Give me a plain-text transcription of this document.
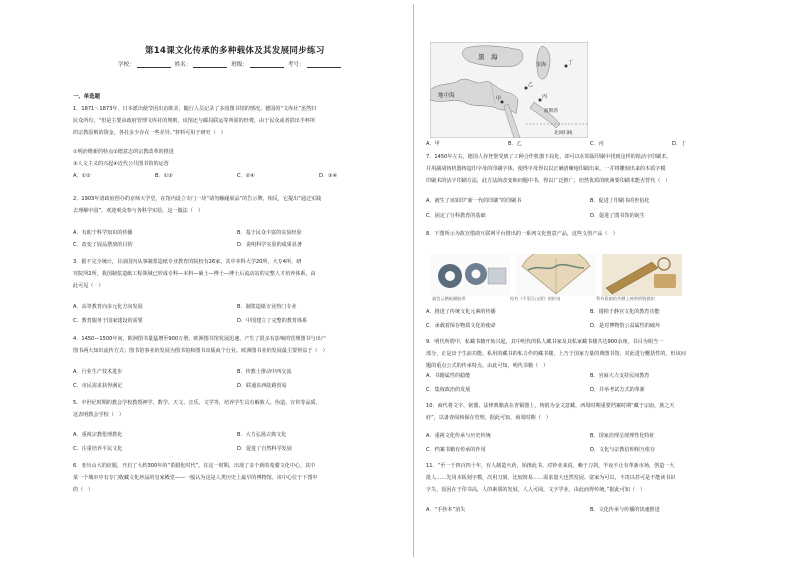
第14课文化传承的多种载体及其发展同步练习
学校：	姓名：	班级：	考号：
一、单选题
1．1871～1873年，日本派出使节团出访欧美，随行人员记录了多国图书馆的情况。德国的“文库社”虽然归
民众所有，“但是主要由政府管理文库社的规则，该馆还与邮局联运等所需的经费，由于民众或者捐出手杯所
的宗教原则的资金，各社多少存在一些差异。”材料可用于研究（　）
①明治维新的特点②德意志的宗教改革的推进
③人文主义的兴起④近代公共图书馆的运营
A．①②	B．①③	C．②④	D．③④
2．1903年清政府创办的京师大学堂，在馆内设立专门一块“请勿触碰展品”的告示牌，相反，它提出“通过实践
去理解中国”，欢迎观众参与各科学实验。这一做法（　）
A．有助于科学知识的传播	B．基于民众丰富的实验经验
C．改变了展品摆放的目的	D．说明科学实验的成果显著
3．据不完全统计，目前国内从事制浆造纸专业教育的院校有26家，其中本科大学20所、大专4所、研
究院所2所，我国制浆造纸工程领域已形成专科—本科—硕士—博士—博士后流动站的完整人才培养体系。由
此可见（　）
A．高等教育向多元化方向发展	B．制浆造纸专业热门专业
C．教育服务于国家建设的需要	D．中国建立了完整的教育体系
4．1450—1500年间，欧洲图书量猛增至900万册，欧洲图书馆发展迅速，产生了很多有影响的管理图书与出产
图书两大知识流传方式；图书馆事业的发展为图书馆和图书出版商个行业。欧洲图书业的发展最主要得益于（　）
A．行业生产技术进步	B．传教士推动中西交流
C．市民需求获得满足	D．联通东西陆路贸易
5．中世纪时期的教会学校教授神学、数学、天文、音乐、文学等，培养学生具有解救人、伪造、宣传等品质。
这表明教会学校（　）
A．重视宗教伦理教化	B．大力弘扬古典文化
C．注重培养平民文化	D．促进了自然科学发展
6．亚历山大的征服，开启了大约300年的“希腊化时代”。在这一时期，出现了多个新的希腊文化中心，其中
某一个城市中有专门收藏文化珍品的皇家殿堂——一般认为这是人类历史上最早的博物馆。该中心位于下图中
的（　）
黑　海
地中海
里海
波斯湾
北回归线
甲
乙
丙
丁
A．甲	B．乙	C．丙	D．丁
7．1450年左右，德国人谷登堡受到了工种合作机器下局化，却可以在铅版印刷中找到这样的铅活字印刷术，
并用副胡铸机器铸造印字母的印刷字体，使得字母得以以正确清晰地印刷出来。一并将雕刻出来的木质字模
印刷术的活字印刷方法，此方法的改变和问题中书，得以广泛推广，但然优质的欧洲要印刷术能否替代（　）
A．被生了该铅印“新一代的印刷”的印刷书	B．促进了印刷书的世俗化
C．固定了分科教育的基础	D．促进了图书馆的诞生
8．下图所示为故宫借助互联网平台推出的一系列文化创意产品，这些文创产品（　）
福宫云鹤纸模胶带	绘有《千里江山图》的折扇	利有板箱的苦栖上神兽钥链插扣
A．推进了传统文化元素的传播	B．错掉于静宫文化的教育功能
C．承载着保存物质文化的使命	D．是对博物馆公益属性的破坏
9．明代所谓中，私藏书籍开始兴起，其中明代的私人藏书家及其私家藏书楼共达900余座、书目为相当一
部分，正是出于生前功能、私用的藏书的私力作的藏书楼，上乃于国家力量的典图书馆、对此进行概括性的，但该问
题的重点公式的传承特点。由此可知，明代书籍（　）
A．书籍属性的稳能	B．官商大力支持民间教育
C．集权政治的发展	D．并举考试方式的革新
10．商代将文字、铭器、法律典籍真在青铜器上，铸销为金文意藏，西周时期重要档案时期“藏于宗庙，族之天
府”，以备查阅和保存管理。据此可知，商周时期（　）
A．重视文化传承与历史传统	B．国家治理呈现理性化特征
C．档案书籍有传承的作用	D．文化与宗教信仰相互依存
11．“至一千四百四十年，有人制造火药，始推此书，对钞业来说，赖于刀剑，半夜不止有革新市场，创造一大
批人……先用木板刻字模，次用刀刻，比较简易……需求量大也然发展、富家为可以，不贵以甚可是不能读书识
字失，原因在于印书高，人的素质的发展，人人可阅，文字学业，由此而得传统。”据此可知（　）
A．“手抄本”消失	B．文化传承与传播的快速推进
